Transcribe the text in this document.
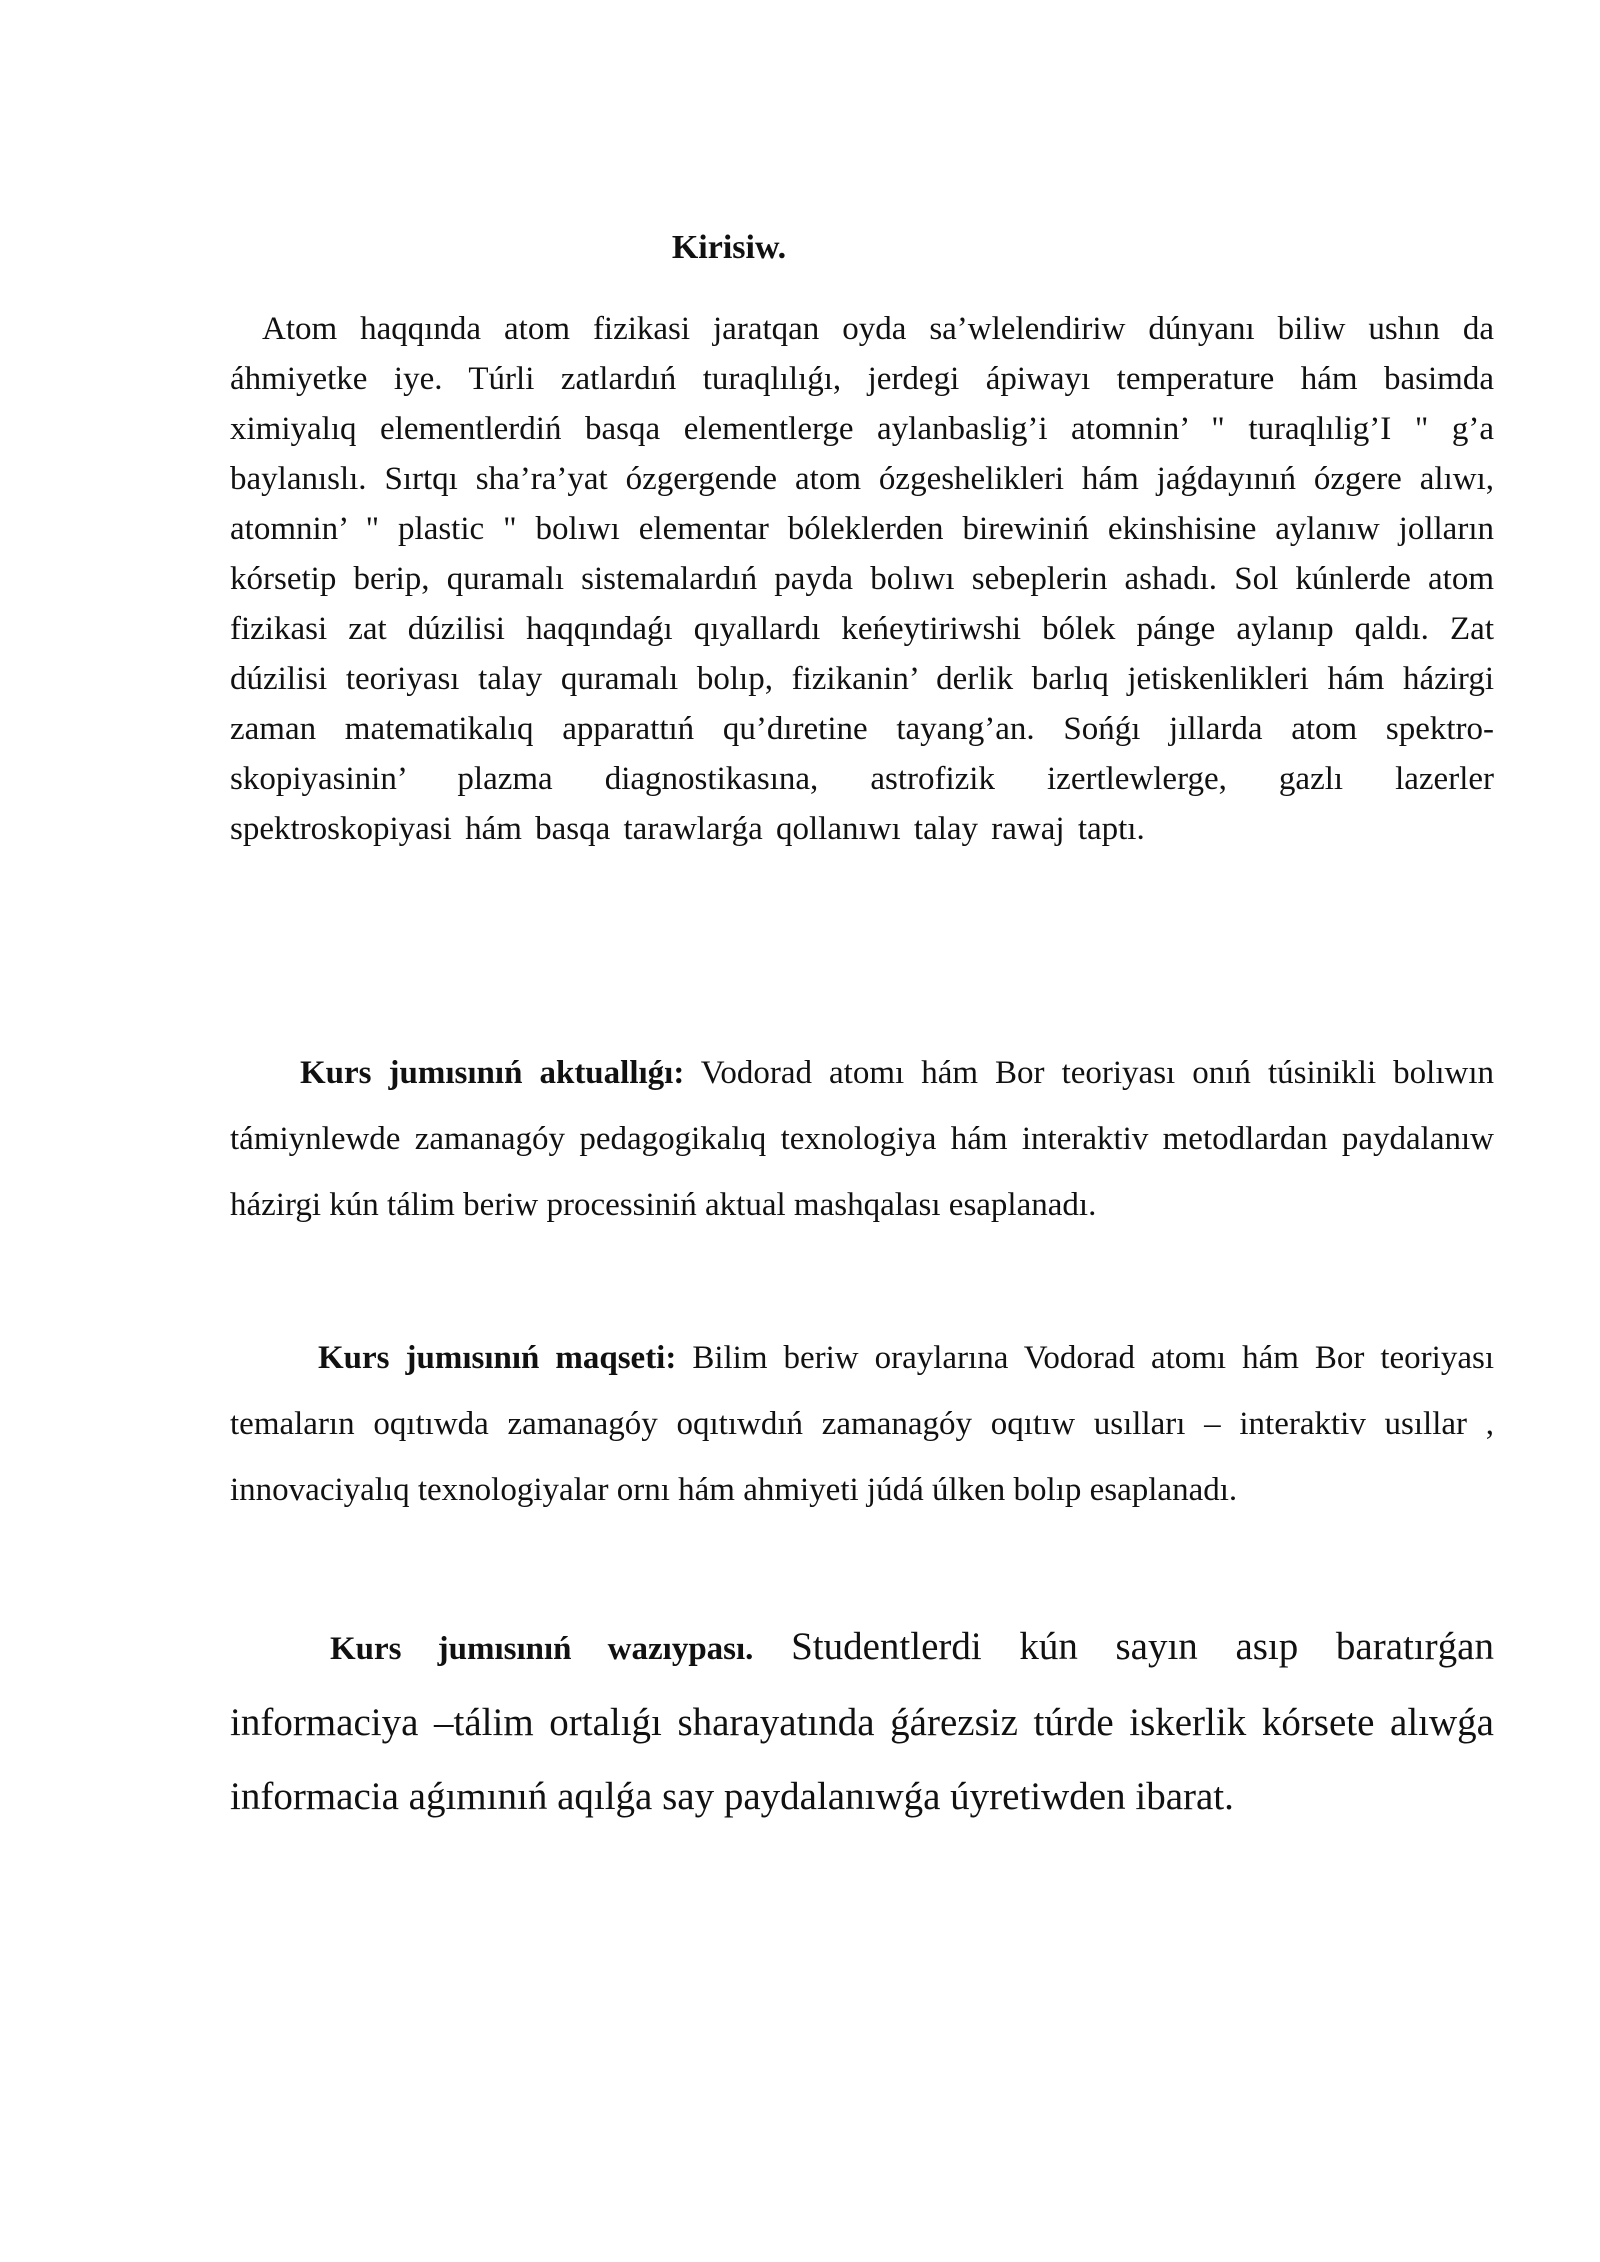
Kirisiw.

Atom haqqında atom fizikasi jaratqan oyda sa’wlelendiriw dúnyanı biliw ushın da áhmiyetke iye. Túrli zatlardıń turaqlılıǵı, jerdegi ápiwayı temperature hám basimda ximiyalıq elementlerdiń basqa elementlerge aylanbaslig’i atomnin’ " turaqlılig’I " g’a baylanıslı. Sırtqı sha’ra’yat ózgergende atom ózgeshelikleri hám jaǵdayınıń ózgere alıwı, atomnin’ " plastic " bolıwı elementar bóleklerden birewiniń ekinshisine aylanıw jolların kórsetip berip, quramalı sistemalardıń payda bolıwı sebeplerin ashadı. Sol kúnlerde atom fizikasi zat dúzilisi haqqındaǵı qıyallardı keńeytiriwshi bólek pánge aylanıp qaldı. Zat dúzilisi teoriyası talay quramalı bolıp, fizikanin’ derlik barlıq jetiskenlikleri hám házirgi zaman matematikalıq apparattıń qu’dıretine tayang’an. Sońǵı jıllarda atom spektro-skopiyasinin’ plazma diagnostikasına, astrofizik izertlewlerge, gazlı lazerler spektroskopiyasi hám basqa tarawlarǵa qollanıwı talay rawaj taptı.

Kurs jumısınıń aktuallıǵı: Vodorad atomı hám Bor teoriyası onıń túsinikli bolıwın támiynlewde zamanagóy pedagogikalıq texnologiya hám interaktiv metodlardan paydalanıw házirgi kún tálim beriw processiniń aktual mashqalası esaplanadı.

Kurs jumısınıń maqseti: Bilim beriw oraylarına Vodorad atomı hám Bor teoriyası temaların oqıtıwda zamanagóy oqıtıwdıń zamanagóy oqıtıw usılları – interaktiv usıllar , innovaciyalıq texnologiyalar ornı hám ahmiyeti júdá úlken bolıp esaplanadı.

Kurs jumısınıń wazıypası. Studentlerdi kún sayın asıp baratırǵan informaciya –tálim ortalıǵı sharayatında ǵárezsiz túrde iskerlik kórsete alıwǵa informacia aǵımınıń aqılǵa say paydalanıwǵa úyretiwden ibarat.
